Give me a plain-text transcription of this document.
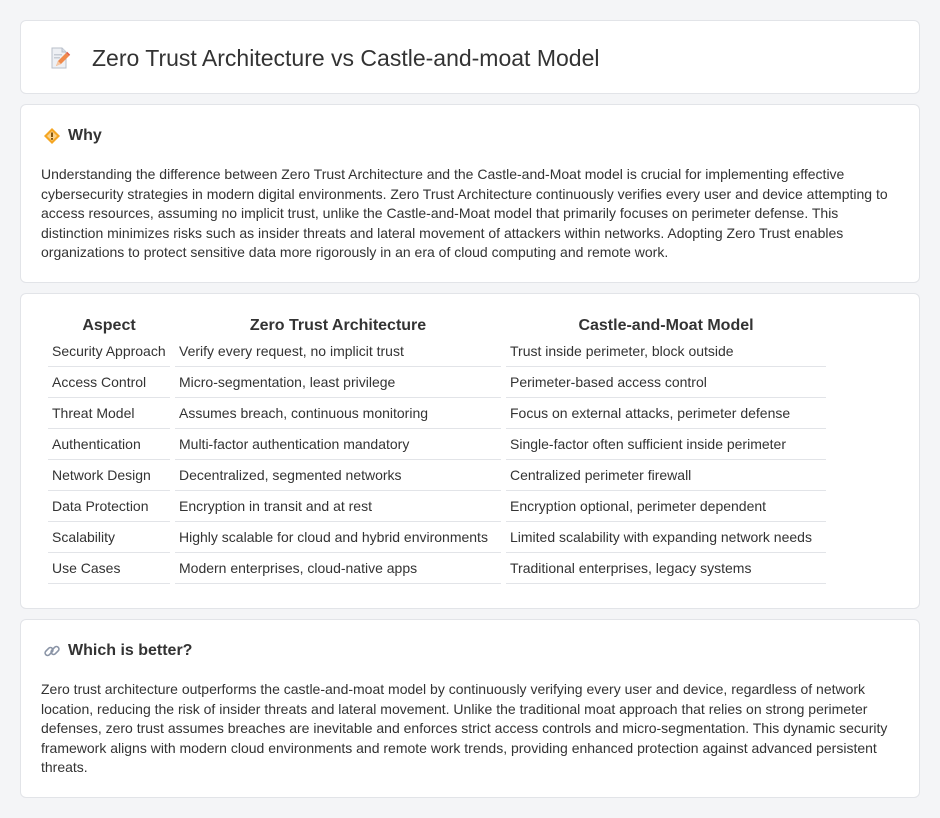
Zero Trust Architecture vs Castle-and-moat Model
Why

Understanding the difference between Zero Trust Architecture and the Castle-and-Moat model is crucial for implementing effective cybersecurity strategies in modern digital environments. Zero Trust Architecture continuously verifies every user and device attempting to access resources, assuming no implicit trust, unlike the Castle-and-Moat model that primarily focuses on perimeter defense. This distinction minimizes risks such as insider threats and lateral movement of attackers within networks. Adopting Zero Trust enables organizations to protect sensitive data more rigorously in an era of cloud computing and remote work.

Aspect	Zero Trust Architecture	Castle-and-Moat Model
Security Approach	Verify every request, no implicit trust	Trust inside perimeter, block outside
Access Control	Micro-segmentation, least privilege	Perimeter-based access control
Threat Model	Assumes breach, continuous monitoring	Focus on external attacks, perimeter defense
Authentication	Multi-factor authentication mandatory	Single-factor often sufficient inside perimeter
Network Design	Decentralized, segmented networks	Centralized perimeter firewall
Data Protection	Encryption in transit and at rest	Encryption optional, perimeter dependent
Scalability	Highly scalable for cloud and hybrid environments	Limited scalability with expanding network needs
Use Cases	Modern enterprises, cloud-native apps	Traditional enterprises, legacy systems
Which is better?

Zero trust architecture outperforms the castle-and-moat model by continuously verifying every user and device, regardless of network location, reducing the risk of insider threats and lateral movement. Unlike the traditional moat approach that relies on strong perimeter defenses, zero trust assumes breaches are inevitable and enforces strict access controls and micro-segmentation. This dynamic security framework aligns with modern cloud environments and remote work trends, providing enhanced protection against advanced persistent threats.
